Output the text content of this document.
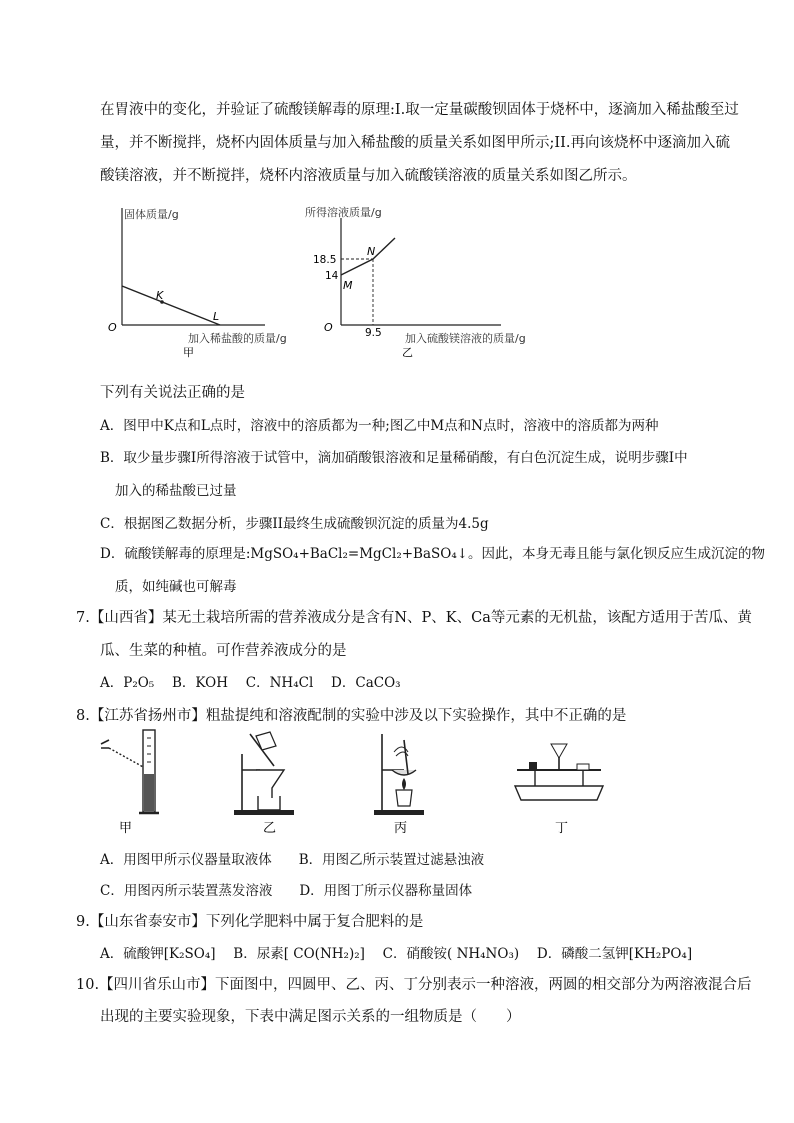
在胃液中的变化，并验证了硫酸镁解毒的原理:I.取一定量碳酸钡固体于烧杯中，逐滴加入稀盐酸至过
量，并不断搅拌，烧杯内固体质量与加入稀盐酸的质量关系如图甲所示;II.再向该烧杯中逐滴加入硫
酸镁溶液，并不断搅拌，烧杯内溶液质量与加入硫酸镁溶液的质量关系如图乙所示。
固体质量/g
加入稀盐酸的质量/g
O
甲
K
L
所得溶液质量/g
加入硫酸镁溶液的质量/g
O
乙
18.5
14
9.5
M
N
下列有关说法正确的是
A．图甲中K点和L点时，溶液中的溶质都为一种;图乙中M点和N点时，溶液中的溶质都为两种
B．取少量步骤I所得溶液于试管中，滴加硝酸银溶液和足量稀硝酸，有白色沉淀生成，说明步骤I中
加入的稀盐酸已过量
C．根据图乙数据分析，步骤II最终生成硫酸钡沉淀的质量为4.5g
D．硫酸镁解毒的原理是:MgSO₄+BaCl₂=MgCl₂+BaSO₄↓。因此，本身无毒且能与氯化钡反应生成沉淀的物
质，如纯碱也可解毒
7.【山西省】某无土栽培所需的营养液成分是含有N、P、K、Ca等元素的无机盐，该配方适用于苦瓜、黄
瓜、生菜的种植。可作营养液成分的是
A．P₂O₅　 B．KOH　 C．NH₄Cl　 D．CaCO₃
8.【江苏省扬州市】粗盐提纯和溶液配制的实验中涉及以下实验操作，其中不正确的是
甲	乙	丙	丁
A．用图甲所示仪器量取液体　　B．用图乙所示装置过滤悬浊液
C．用图丙所示装置蒸发溶液　　D．用图丁所示仪器称量固体
9.【山东省泰安市】下列化学肥料中属于复合肥料的是
A．硫酸钾[K₂SO₄]　 B．尿素[ CO(NH₂)₂]　 C．硝酸铵( NH₄NO₃)　 D．磷酸二氢钾[KH₂PO₄]
10.【四川省乐山市】下面图中，四圆甲、乙、丙、丁分别表示一种溶液，两圆的相交部分为两溶液混合后
出现的主要实验现象，下表中满足图示关系的一组物质是（　　）
